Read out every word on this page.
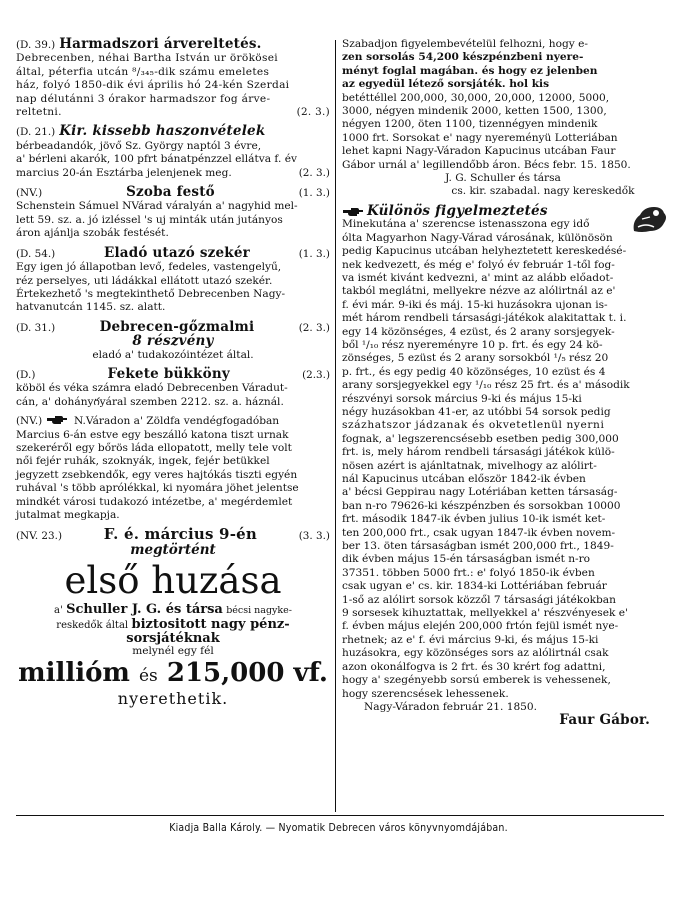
(D. 39.) Harmadszori árvereltetés.
Debrecenben, néhai Bartha István ur örökösei
által, péterfia utcán ⁸/₃₄₅-dik számu emeletes
ház, folyó 1850-dik évi április hó 24-kén Szerdai
nap délutánni 3 órakor harmadszor fog árve-
reltetni.	(2. 3.)
(D. 21.) Kir. kissebb haszonvételek
bérbeadandók, jövő Sz. György naptól 3 évre,
a' bérleni akarók, 100 pfrt bánatpénzzel ellátva f. év
marcius 20-án Esztárba jelenjenek meg.	(2. 3.)
(NV.)	Szoba festő	(1. 3.)
Schenstein Sámuel NVárad váralyán a' nagyhid mel-
lett 59. sz. a. jó izléssel 's uj minták után jutányos
áron ajánlja szobák festését.
(D. 54.)	Eladó utazó szekér	(1. 3.)
Egy igen jó állapotban levő, fedeles, vastengelyű,
réz perselyes, uti ládákkal ellátott utazó szekér.
Értekezhető 's megtekinthető Debrecenben Nagy-
hatvanutcán 1145. sz. alatt.
(D. 31.)	Debrecen-gőzmalmi	(2. 3.)
8 részvény
eladó a' tudakozóintézet által.
(D.)	Fekete bükköny	(2.3.)
köböl és véka számra eladó Debrecenben Váradut-
cán, a' dohányగyáral szemben 2212. sz. a. háznál.
(NV.)	N.Váradon a' Zöldfa vendégfogadóban
Marcius 6-án estve egy beszálló katona tiszt urnak
szekeréről egy bőrös láda ellopatott, melly tele volt
női fejér ruhák, szoknyák, ingek, fejér betükkel
jegyzett zsebkendők, egy veres hajtókás tiszti egyén
ruhával 's több aprólékkal, ki nyomára jöhet jelentse
mindkét városi tudakozó intézetbe, a' megérdemlet
jutalmat megkapja.
(NV. 23.)	F. é. március 9-én	(3. 3.)
megtörtént
első huzása
a' Schuller J. G. és társa bécsi nagyke-
reskedők által biztositott nagy pénz-
sorsjátéknak
melynél egy fél
millióm és 215,000 vf.
nyerethetik.
Szabadjon figyelembevételül felhozni, hogy e-
zen sorsolás 54,200 készpénzbeni nyere-
ményt foglal magában. és hogy ez jelenben
az egyedül létező sorsjáték. hol kis
betéttéllel 200,000, 30,000, 20,000, 12000, 5000,
3000, négyen mindenik 2000, ketten 1500, 1300,
négyen 1200, öten 1100, tizennégyen mindenik
1000 frt. Sorsokat e' nagy nyereményü Lotteriában
lehet kapni Nagy-Váradon Kapucinus utcában Faur
Gábor urnál a' legillendőbb áron. Bécs febr. 15. 1850.
J. G. Schuller és társa
cs. kir. szabadal. nagy kereskedők
Különös figyelmeztetés
Minekutána a' szerencse istenasszona egy idő
ólta Magyarhon Nagy-Várad városának, különösön
pedig Kapucinus utcában helyheztetett kereskedésé-
nek kedvezett, és még e' folyó év február 1-től fog-
va ismét kivánt kedvezni, a' mint az alább előadot-
takból meglátni, mellyekre nézve az alólirtnál az e'
f. évi már. 9-iki és máj. 15-ki huzásokra ujonan is-
mét három rendbeli társasági-játékok alakitattak t. i.
egy 14 közönséges, 4 ezüst, és 2 arany sorsjegyek-
ből ¹/₁₀ rész nyereményre 10 p. frt. és egy 24 kö-
zönséges, 5 ezüst és 2 arany sorsokból ¹/₅ rész 20
p. frt., és egy pedig 40 közönséges, 10 ezüst és 4
arany sorsjegyekkel egy ¹/₁₀ rész 25 frt. és a' második
részvényi sorsok március 9-ki és május 15-ki
négy huzásokban 41-er, az utóbbi 54 sorsok pedig
százhatszor jádzanak és okvetetlenül nyerni
fognak, a' legszerencsésebb esetben pedig 300,000
frt. is, mely három rendbeli társasági játékok külö-
nösen azért is ajánltatnak, mivelhogy az alólirt-
nál Kapucinus utcában először 1842-ik évben
a' bécsi Geppirau nagy Lotériában ketten társaság-
ban n-ro 79626-ki készpénzben és sorsokban 10000
frt. második 1847-ik évben julius 10-ik ismét ket-
ten 200,000 frt., csak ugyan 1847-ik évben novem-
ber 13. öten társaságban ismét 200,000 frt., 1849-
dik évben május 15-én társaságban ismét n-ro
37351. többen 5000 frt.: e' folyó 1850-ik évben
csak ugyan e' cs. kir. 1834-ki Lottériában február
1-ső az alólirt sorsok közzől 7 társasági játékokban
9 sorsesek kihuztattak, mellyekkel a' részvényesek e'
f. évben május elején 200,000 frtón fejül ismét nye-
rhetnek; az e' f. évi március 9-ki, és május 15-ki
huzásokra, egy közönséges sors az alólirtnál csak
azon okonálfogva is 2 frt. és 30 krért fog adattni,
hogy a' szegényebb sorsú emberek is vehessenek,
hogy szerencsések lehessenek.
Nagy-Váradon február 21. 1850.
Faur Gábor.
Kiadja Balla Károly. — Nyomatik Debrecen város könyvnyomdájában.
